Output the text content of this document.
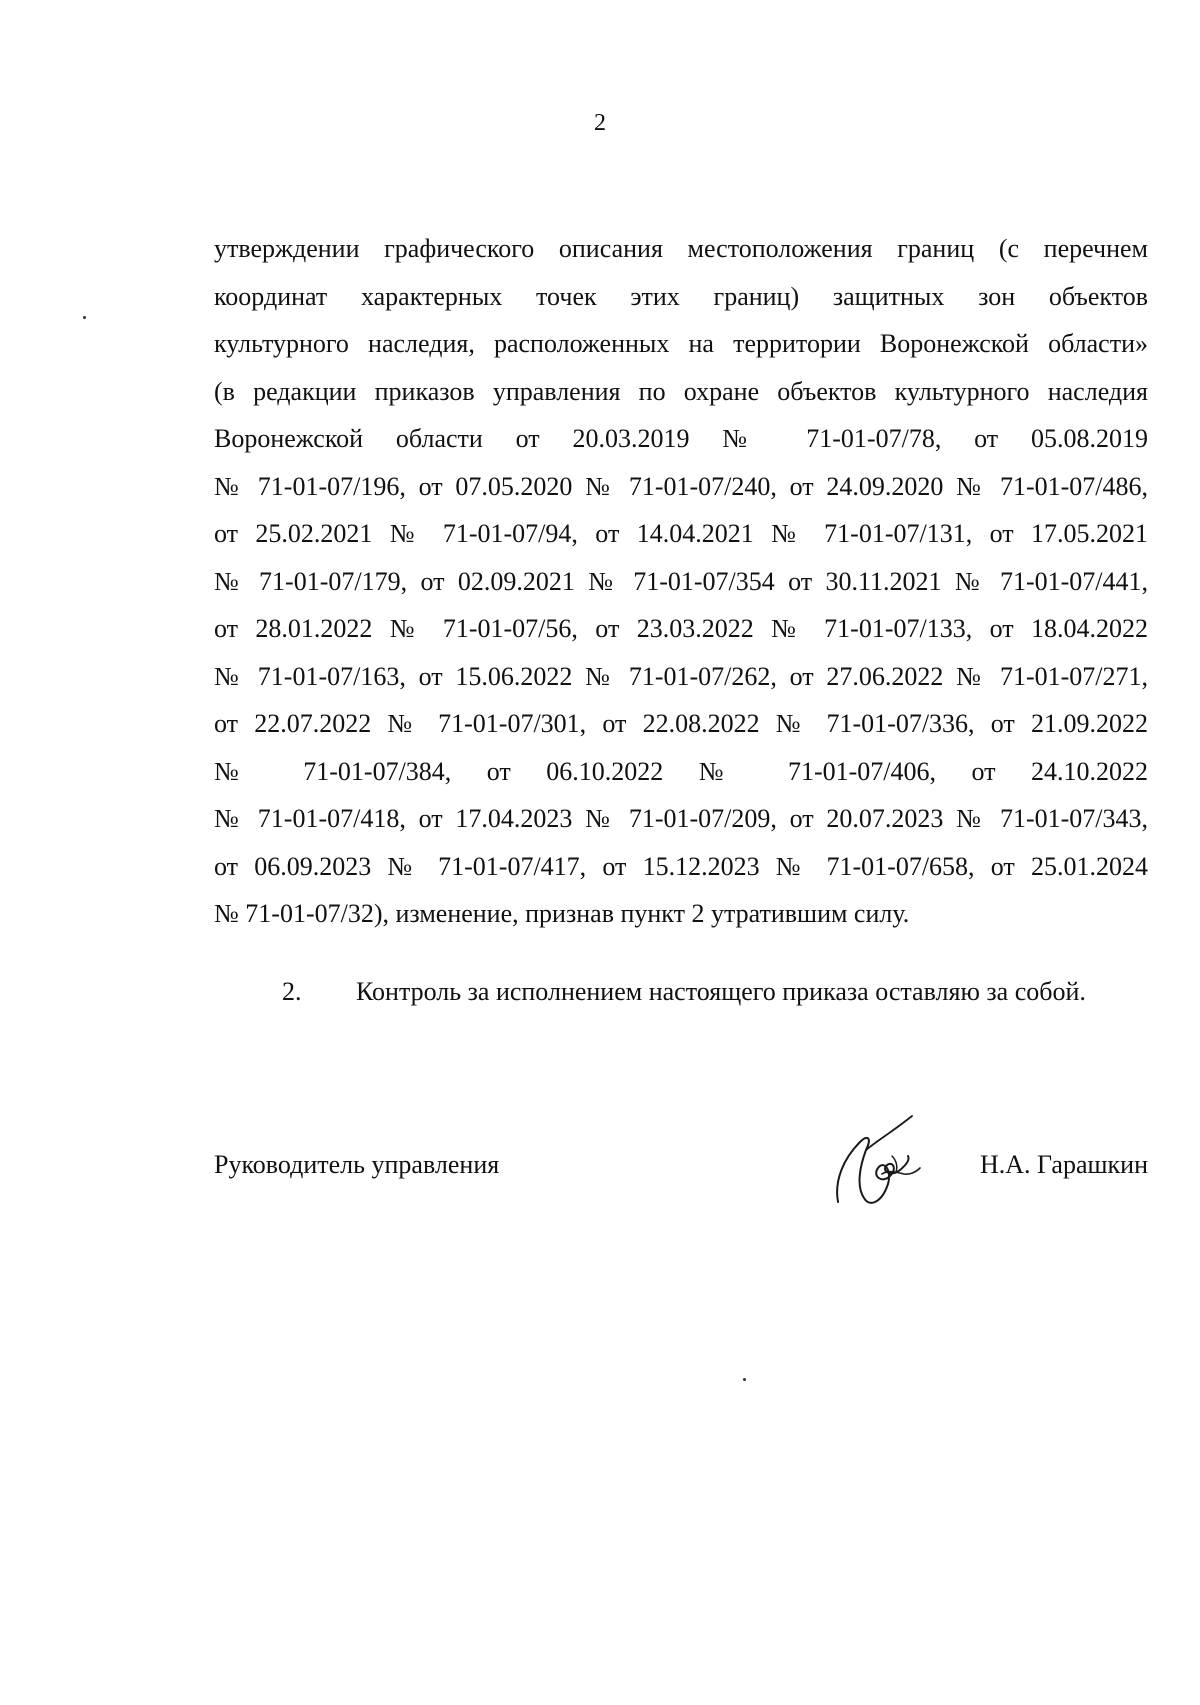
2
утверждении графического описания местоположения границ (с перечнем
координат характерных точек этих границ) защитных зон объектов
культурного наследия, расположенных на территории Воронежской области»
(в редакции приказов управления по охране объектов культурного наследия
Воронежской области от 20.03.2019 № 71-01-07/78, от 05.08.2019
№ 71-01-07/196, от 07.05.2020 № 71-01-07/240, от 24.09.2020 № 71-01-07/486,
от 25.02.2021 № 71-01-07/94, от 14.04.2021 № 71-01-07/131, от 17.05.2021
№ 71-01-07/179, от 02.09.2021 № 71-01-07/354 от 30.11.2021 № 71-01-07/441,
от 28.01.2022 № 71-01-07/56, от 23.03.2022 № 71-01-07/133, от 18.04.2022
№ 71-01-07/163, от 15.06.2022 № 71-01-07/262, от 27.06.2022 № 71-01-07/271,
от 22.07.2022 № 71-01-07/301, от 22.08.2022 № 71-01-07/336, от 21.09.2022
№ 71-01-07/384, от 06.10.2022 № 71-01-07/406, от 24.10.2022
№ 71-01-07/418, от 17.04.2023 № 71-01-07/209, от 20.07.2023 № 71-01-07/343,
от 06.09.2023 № 71-01-07/417, от 15.12.2023 № 71-01-07/658, от 25.01.2024
№ 71-01-07/32), изменение, признав пункт 2 утратившим силу.
2. Контроль за исполнением настоящего приказа оставляю за собой.
Руководитель управления	Н.А. Гарашкин
